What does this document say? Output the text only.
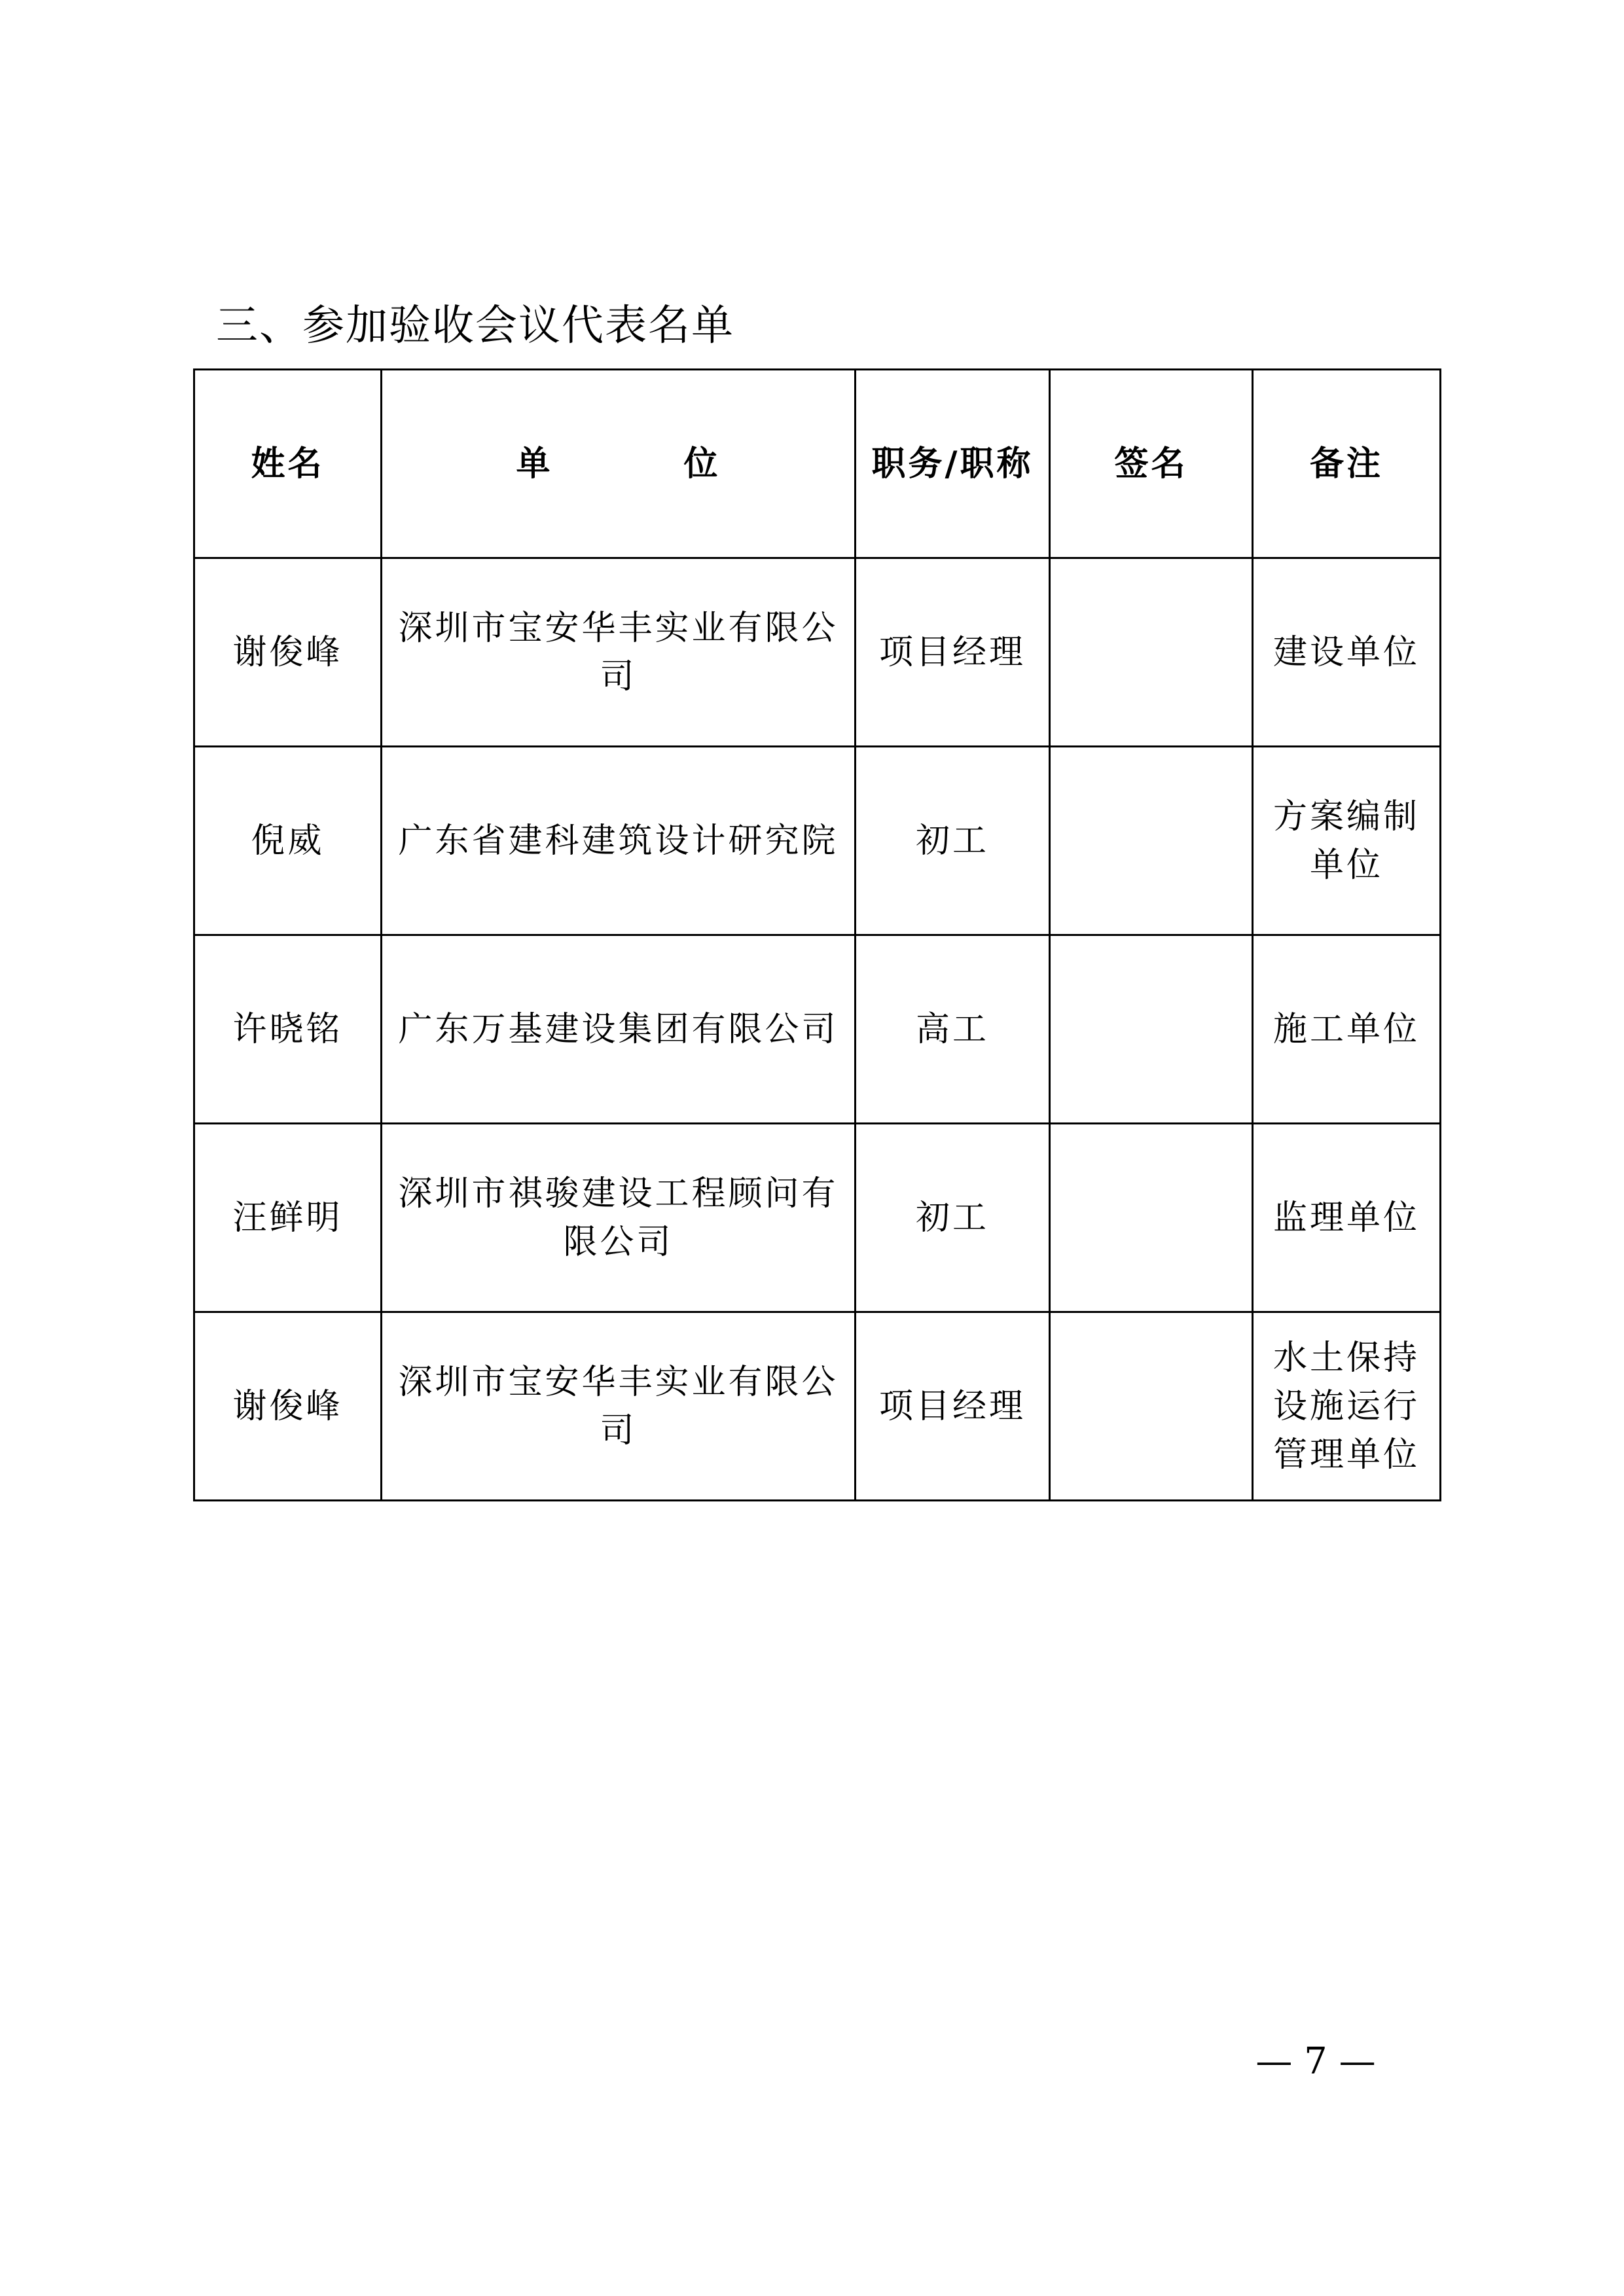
三、参加验收会议代表名单
姓名	单 位	职务/职称	签名	备注
谢俊峰	深圳市宝安华丰实业有限公司	项目经理		建设单位
倪威	广东省建科建筑设计研究院	初工		方案编制单位
许晓铭	广东万基建设集团有限公司	高工		施工单位
汪鲜明	深圳市祺骏建设工程顾问有限公司	初工		监理单位
谢俊峰	深圳市宝安华丰实业有限公司	项目经理		水土保持设施运行管理单位
— 7 —
